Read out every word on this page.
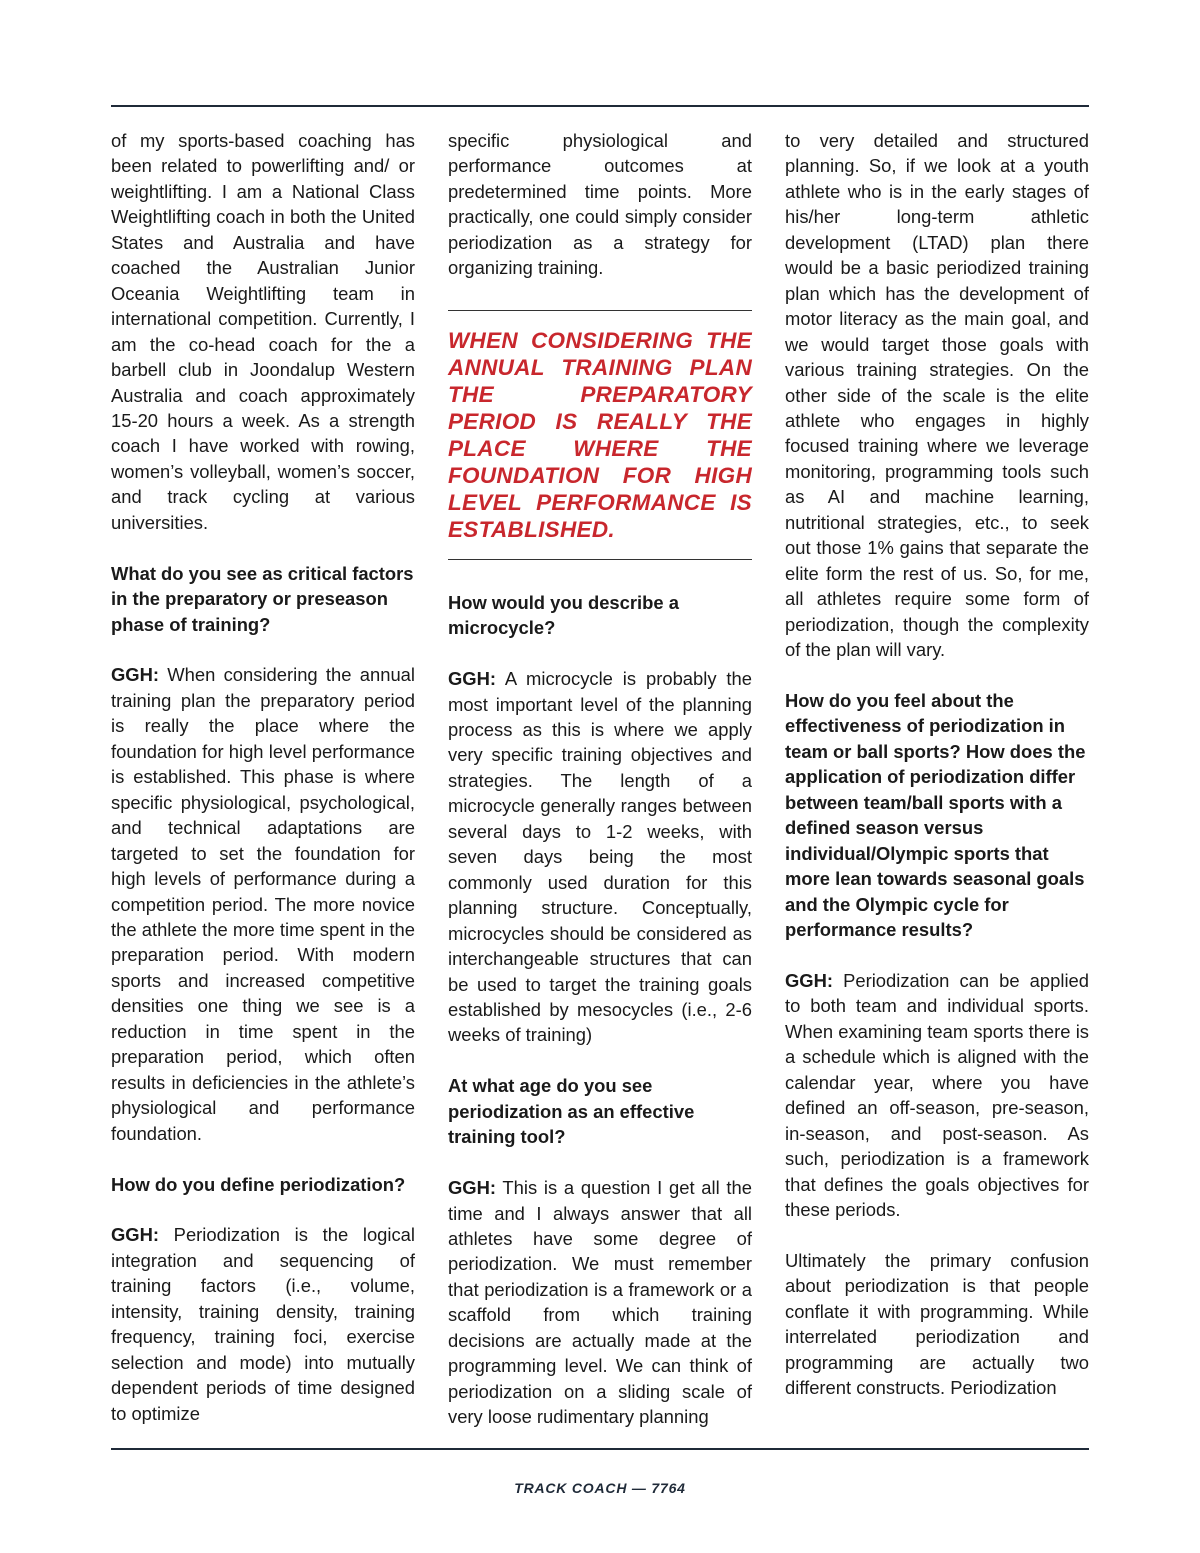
of my sports-based coaching has been related to powerlifting and/ or weightlifting. I am a National Class Weightlifting coach in both the United States and Australia and have coached the Australian Junior Oceania Weightlifting team in international competition. Currently, I am the co-head coach for the a barbell club in Joondalup Western Australia and coach approximately 15-20 hours a week. As a strength coach I have worked with rowing, women’s volleyball, women’s soccer, and track cycling at various universities.

What do you see as critical factors in the preparatory or preseason phase of training?

GGH: When considering the annual training plan the preparatory period is really the place where the foundation for high level performance is established. This phase is where specific physiological, psychological, and technical adaptations are targeted to set the foundation for high levels of performance during a competition period. The more novice the athlete the more time spent in the preparation period. With modern sports and increased competitive densities one thing we see is a reduction in time spent in the preparation period, which often results in deficiencies in the athlete’s physiological and performance foundation.

How do you define periodization?

GGH: Periodization is the logical integration and sequencing of training factors (i.e., volume, intensity, training density, training frequency, training foci, exercise selection and mode) into mutually dependent periods of time designed to optimize

specific physiological and performance outcomes at predetermined time points. More practically, one could simply consider periodization as a strategy for organizing training.

WHEN CONSIDERING THE ANNUAL TRAINING PLAN THE PREPARATORY PERIOD IS REALLY THE PLACE WHERE THE FOUNDATION FOR HIGH LEVEL PERFORMANCE IS ESTABLISHED.

How would you describe a microcycle?

GGH: A microcycle is probably the most important level of the planning process as this is where we apply very specific training objectives and strategies. The length of a microcycle generally ranges between several days to 1-2 weeks, with seven days being the most commonly used duration for this planning structure. Conceptually, microcycles should be considered as interchangeable structures that can be used to target the training goals established by mesocycles (i.e., 2-6 weeks of training)

At what age do you see periodization as an effective training tool?

GGH: This is a question I get all the time and I always answer that all athletes have some degree of periodization. We must remember that periodization is a framework or a scaffold from which training decisions are actually made at the programming level. We can think of periodization on a sliding scale of very loose rudimentary planning

to very detailed and structured planning. So, if we look at a youth athlete who is in the early stages of his/her long-term athletic development (LTAD) plan there would be a basic periodized training plan which has the development of motor literacy as the main goal, and we would target those goals with various training strategies. On the other side of the scale is the elite athlete who engages in highly focused training where we leverage monitoring, programming tools such as AI and machine learning, nutritional strategies, etc., to seek out those 1% gains that separate the elite form the rest of us. So, for me, all athletes require some form of periodization, though the complexity of the plan will vary.

How do you feel about the effectiveness of periodization in team or ball sports? How does the application of periodization differ between team/ball sports with a defined season versus individual/Olympic sports that more lean towards seasonal goals and the Olympic cycle for performance results?

GGH: Periodization can be applied to both team and individual sports. When examining team sports there is a schedule which is aligned with the calendar year, where you have defined an off-season, pre-season, in-season, and post-season. As such, periodization is a framework that defines the goals objectives for these periods.

Ultimately the primary confusion about periodization is that people conflate it with programming. While interrelated periodization and programming are actually two different constructs. Periodization

TRACK COACH — 7764
